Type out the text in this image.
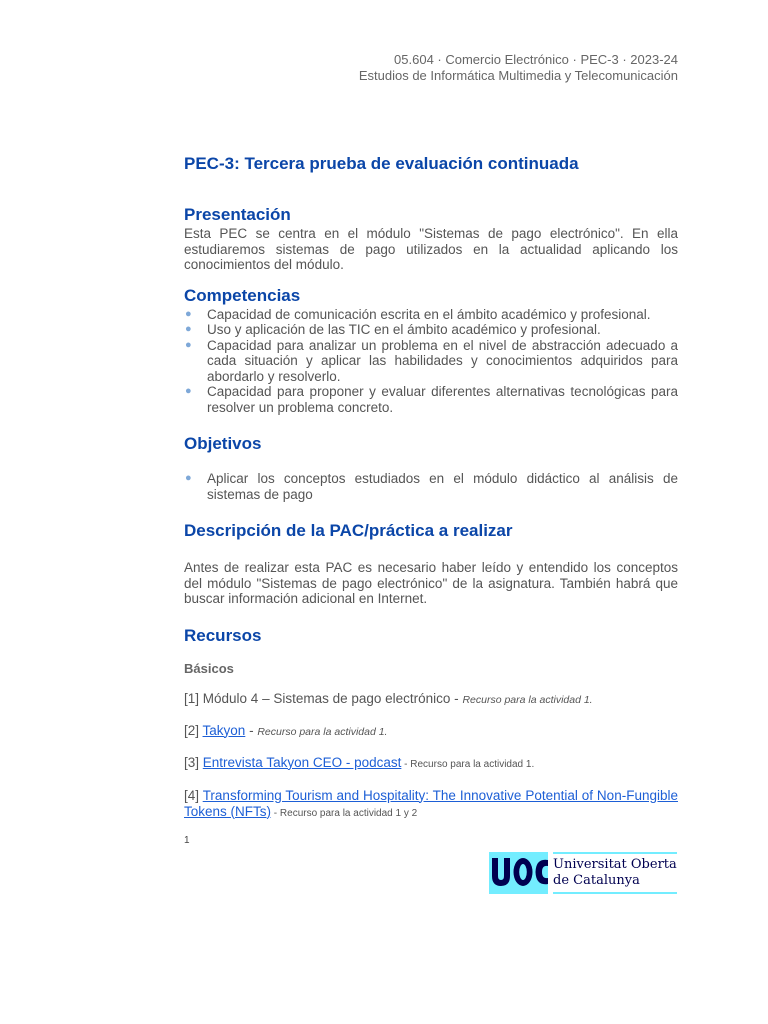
05.604 · Comercio Electrónico · PEC-3 · 2023-24
Estudios de Informática Multimedia y Telecomunicación
PEC-3: Tercera prueba de evaluación continuada
Presentación

Esta PEC se centra en el módulo "Sistemas de pago electrónico". En ella estudiaremos sistemas de pago utilizados en la actualidad aplicando los conocimientos del módulo.

Competencias
● Capacidad de comunicación escrita en el ámbito académico y profesional.
● Uso y aplicación de las TIC en el ámbito académico y profesional.
● Capacidad para analizar un problema en el nivel de abstracción adecuado a cada situación y aplicar las habilidades y conocimientos adquiridos para abordarlo y resolverlo.
● Capacidad para proponer y evaluar diferentes alternativas tecnológicas para resolver un problema concreto.
Objetivos
● Aplicar los conceptos estudiados en el módulo didáctico al análisis de sistemas de pago
Descripción de la PAC/práctica a realizar

Antes de realizar esta PAC es necesario haber leído y entendido los conceptos del módulo "Sistemas de pago electrónico" de la asignatura. También habrá que buscar información adicional en Internet.

Recursos

Básicos

[1] Módulo 4 – Sistemas de pago electrónico - Recurso para la actividad 1.

[2] Takyon - Recurso para la actividad 1.

[3] Entrevista Takyon CEO - podcast - Recurso para la actividad 1.

[4] Transforming Tourism and Hospitality: The Innovative Potential of Non-Fungible Tokens (NFTs) - Recurso para la actividad 1 y 2

1
Universitat Oberta
de Catalunya
